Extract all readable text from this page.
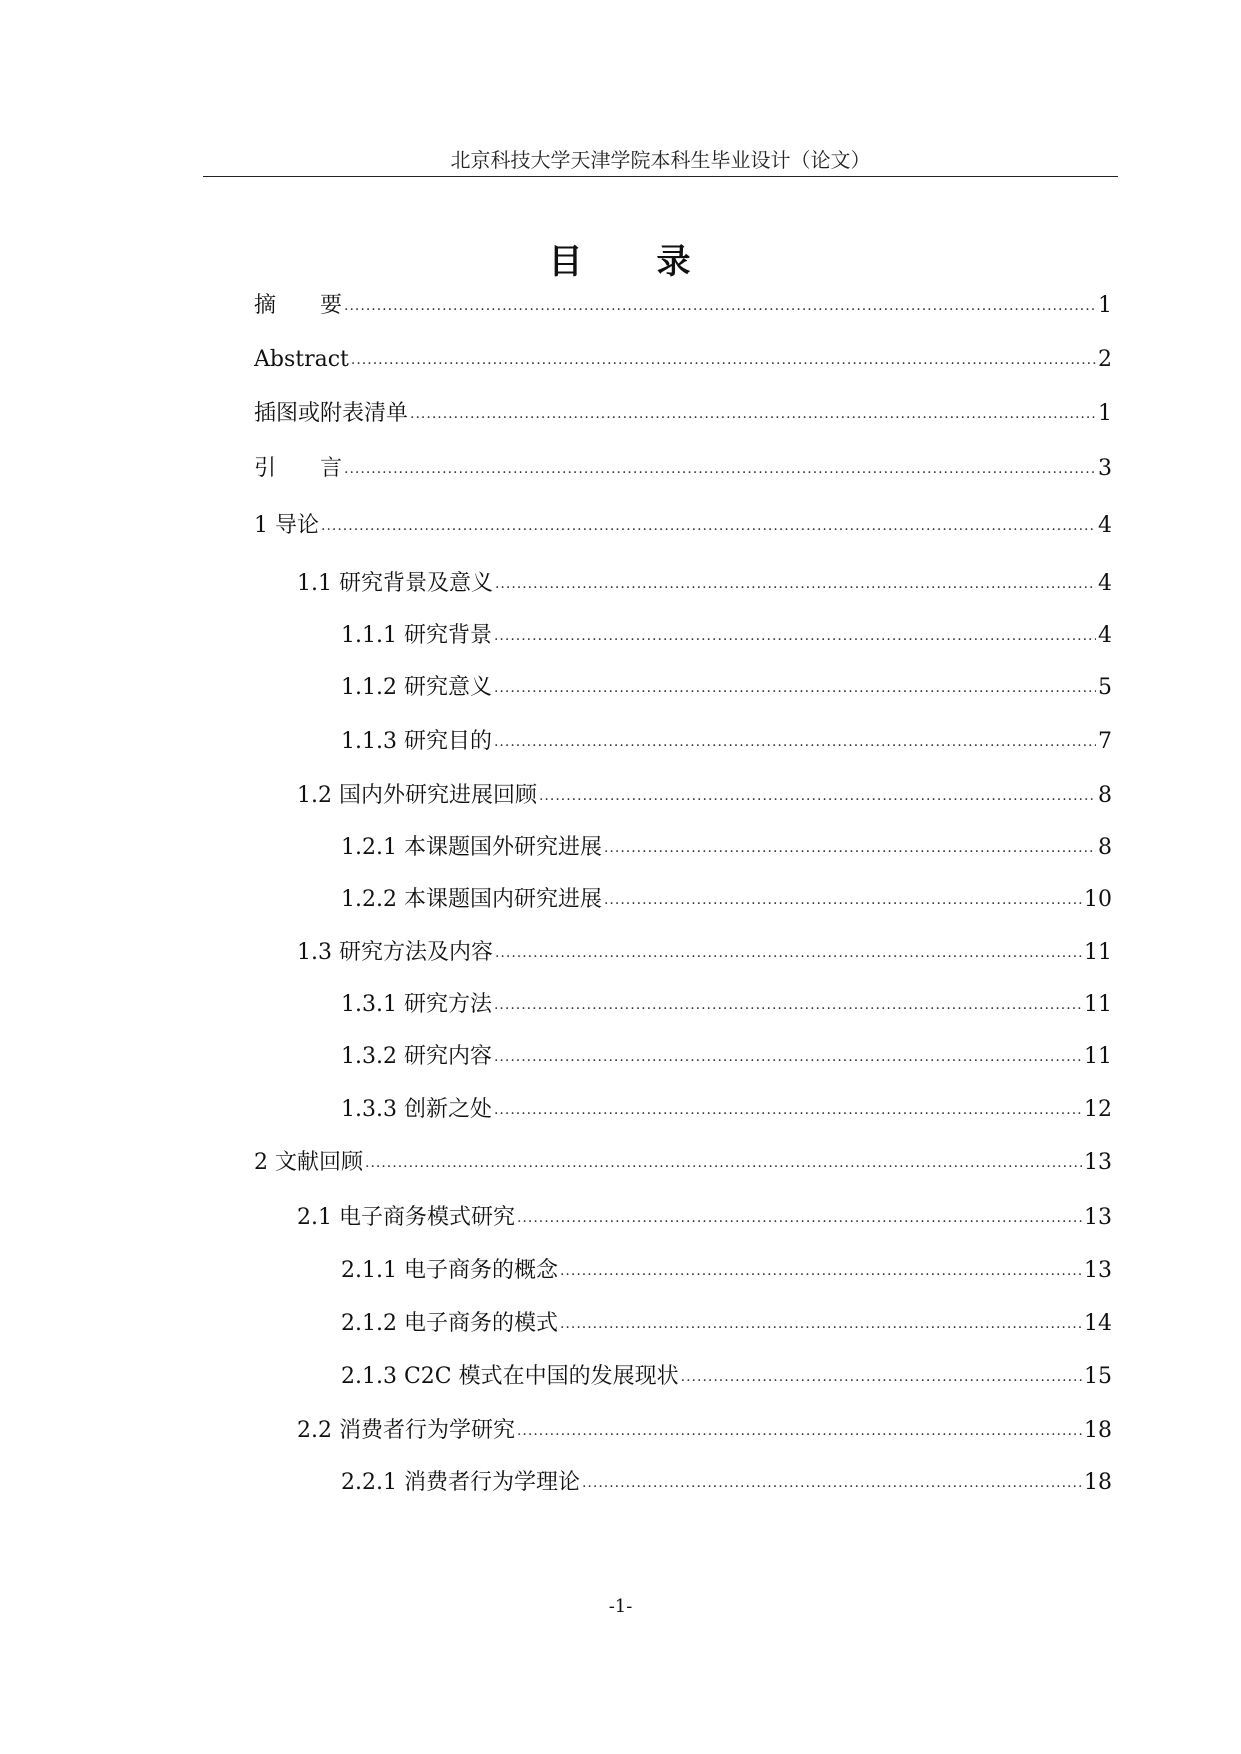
北京科技大学天津学院本科生毕业设计（论文）
目　　录
摘　　要 .....	1
Abstract .....	2
插图或附表清单 .....	1
引　　言 .....	3
1 导论 .....	4
1.1 研究背景及意义 .....	4
1.1.1 研究背景 .....	4
1.1.2 研究意义 .....	5
1.1.3 研究目的 .....	7
1.2 国内外研究进展回顾 .....	8
1.2.1 本课题国外研究进展 .....	8
1.2.2 本课题国内研究进展 .....	10
1.3 研究方法及内容 .....	11
1.3.1 研究方法 .....	11
1.3.2 研究内容 .....	11
1.3.3 创新之处 .....	12
2 文献回顾 .....	13
2.1 电子商务模式研究 .....	13
2.1.1 电子商务的概念 .....	13
2.1.2 电子商务的模式 .....	14
2.1.3 C2C 模式在中国的发展现状 .....	15
2.2 消费者行为学研究 .....	18
2.2.1 消费者行为学理论 .....	18
-1-
